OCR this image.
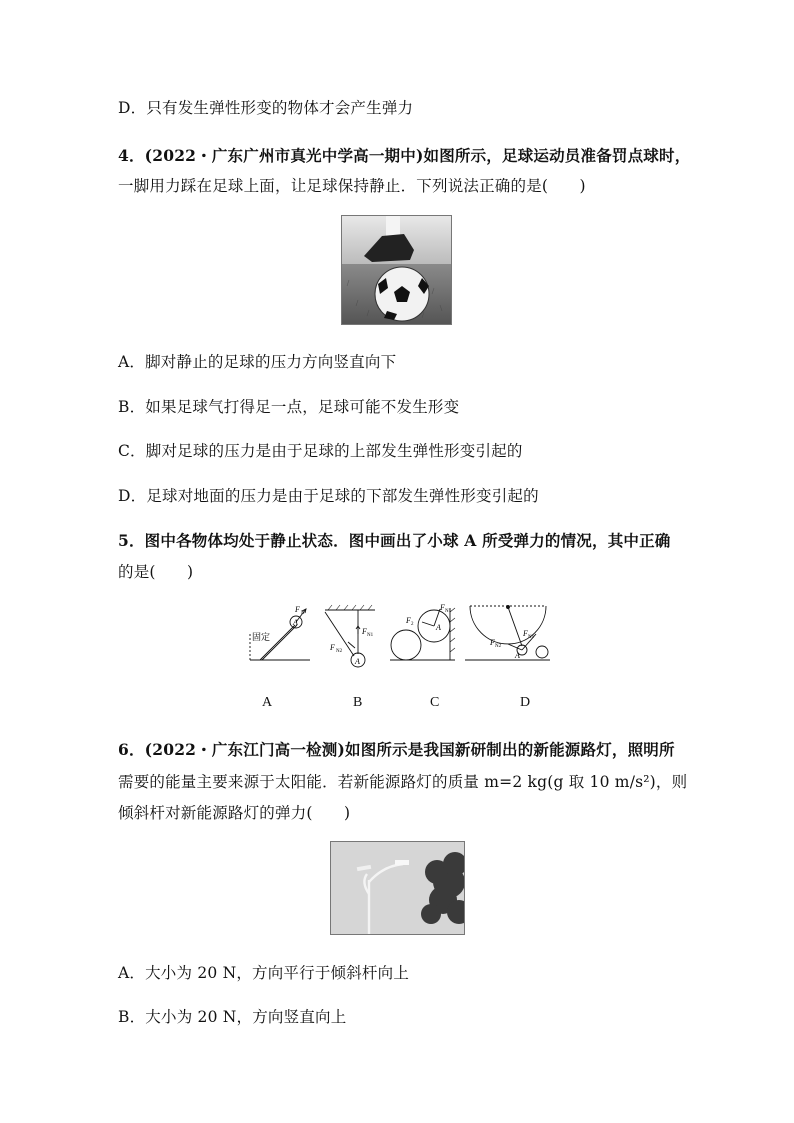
D．只有发生弹性形变的物体才会产生弹力
4．(2022・广东广州市真光中学高一期中)如图所示，足球运动员准备罚点球时，
一脚用力踩在足球上面，让足球保持静止．下列说法正确的是(　　)
A．脚对静止的足球的压力方向竖直向下
B．如果足球气打得足一点，足球可能不发生形变
C．脚对足球的压力是由于足球的上部发生弹性形变引起的
D．足球对地面的压力是由于足球的下部发生弹性形变引起的
5．图中各物体均处于静止状态．图中画出了小球 A 所受弹力的情况，其中正确
的是(　　)
固定
A
F N
F N1
F N2
A
F N1
F 2	A
F N1
F N2
A
A	B	C	D
6．(2022・广东江门高一检测)如图所示是我国新研制出的新能源路灯，照明所
需要的能量主要来源于太阳能．若新能源路灯的质量 m=2 kg(g 取 10 m/s²)，则
倾斜杆对新能源路灯的弹力(　　)
A．大小为 20 N，方向平行于倾斜杆向上
B．大小为 20 N，方向竖直向上
